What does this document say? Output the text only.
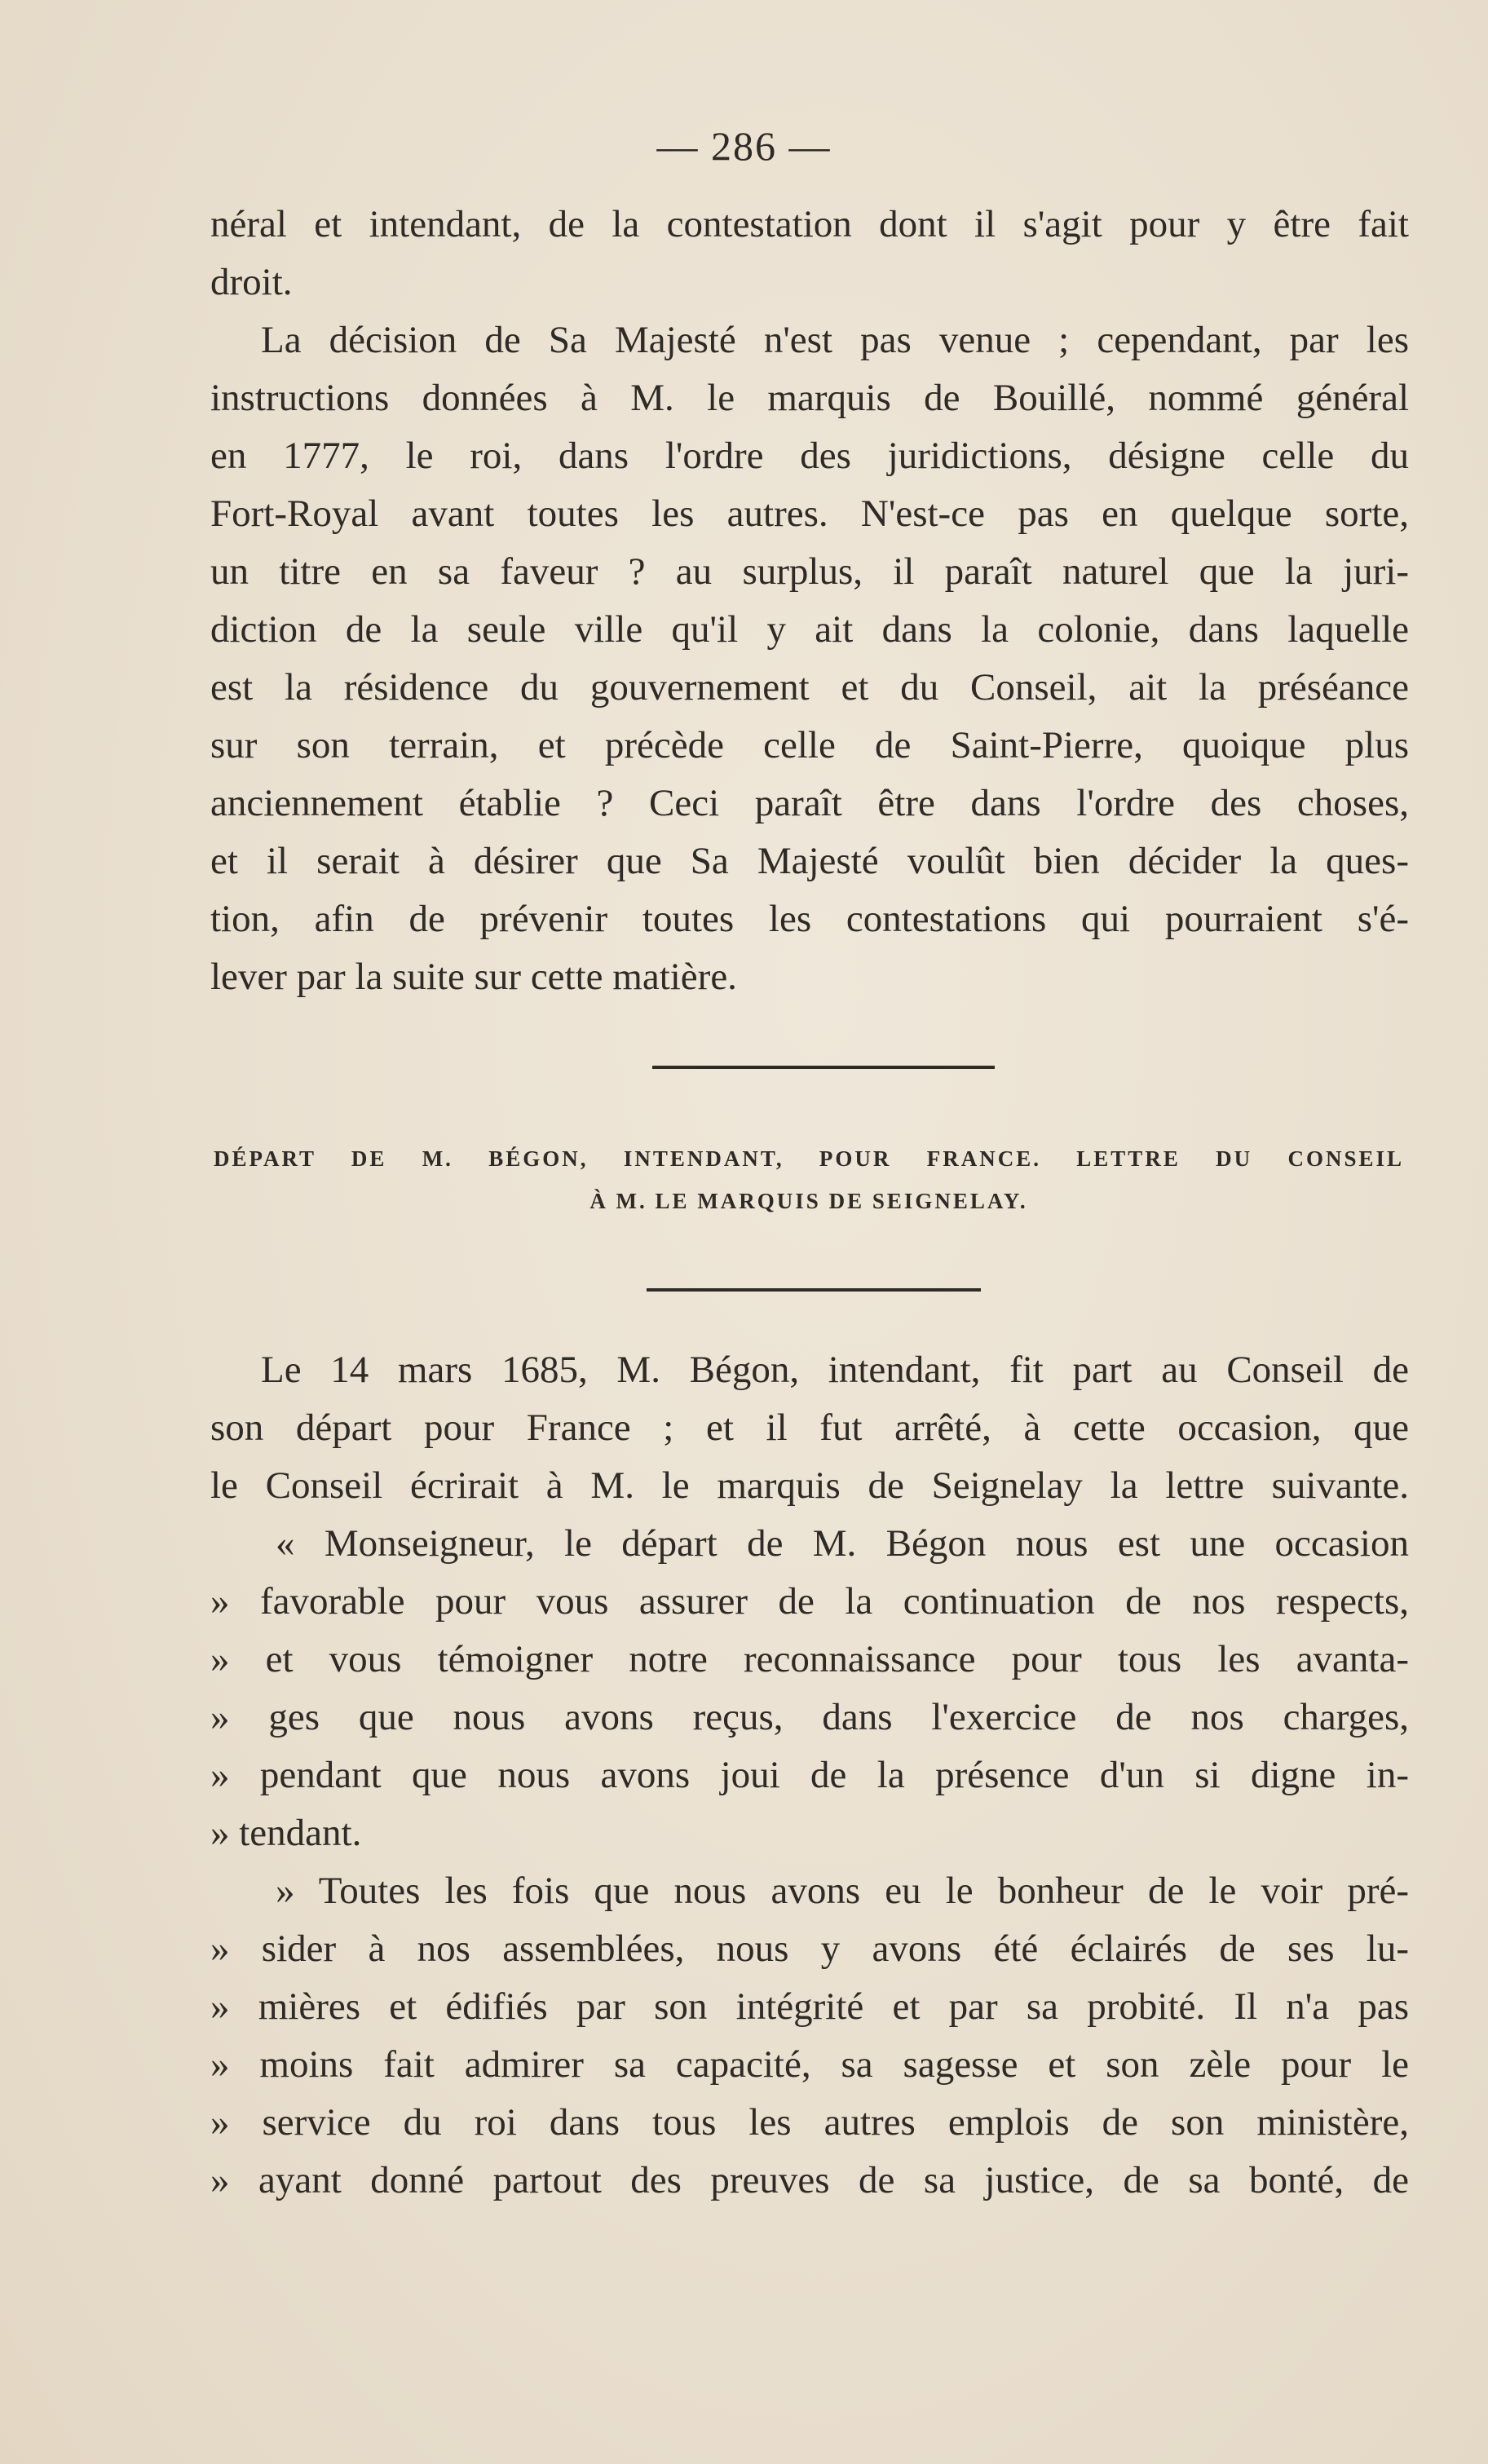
— 286 —
néral et intendant, de la contestation dont il s'agit pour y être fait
droit.
La décision de Sa Majesté n'est pas venue ; cependant, par les
instructions données à M. le marquis de Bouillé, nommé général
en 1777, le roi, dans l'ordre des juridictions, désigne celle du
Fort-Royal avant toutes les autres. N'est-ce pas en quelque sorte,
un titre en sa faveur ? au surplus, il paraît naturel que la juri-
diction de la seule ville qu'il y ait dans la colonie, dans laquelle
est la résidence du gouvernement et du Conseil, ait la préséance
sur son terrain, et précède celle de Saint-Pierre, quoique plus
anciennement établie ? Ceci paraît être dans l'ordre des choses,
et il serait à désirer que Sa Majesté voulût bien décider la ques-
tion, afin de prévenir toutes les contestations qui pourraient s'é-
lever par la suite sur cette matière.
DÉPART DE M. BÉGON, INTENDANT, POUR FRANCE. LETTRE DU CONSEIL
À M. LE MARQUIS DE SEIGNELAY.
Le 14 mars 1685, M. Bégon, intendant, fit part au Conseil de
son départ pour France ; et il fut arrêté, à cette occasion, que
le Conseil écrirait à M. le marquis de Seignelay la lettre suivante.
« Monseigneur, le départ de M. Bégon nous est une occasion
» favorable pour vous assurer de la continuation de nos respects,
» et vous témoigner notre reconnaissance pour tous les avanta-
» ges que nous avons reçus, dans l'exercice de nos charges,
» pendant que nous avons joui de la présence d'un si digne in-
» tendant.
» Toutes les fois que nous avons eu le bonheur de le voir pré-
» sider à nos assemblées, nous y avons été éclairés de ses lu-
» mières et édifiés par son intégrité et par sa probité. Il n'a pas
» moins fait admirer sa capacité, sa sagesse et son zèle pour le
» service du roi dans tous les autres emplois de son ministère,
» ayant donné partout des preuves de sa justice, de sa bonté, de
